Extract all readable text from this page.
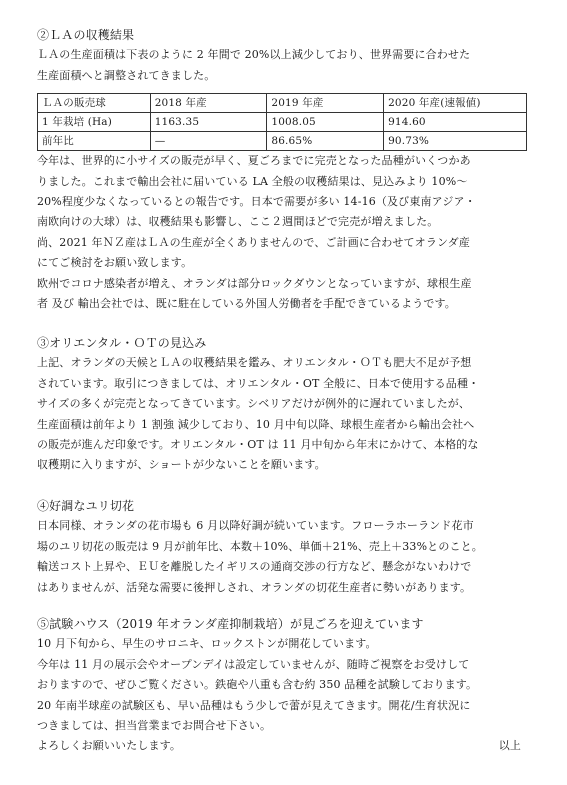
②ＬＡの収穫結果
ＬＡの生産面積は下表のように 2 年間で 20%以上減少しており、世界需要に合わせた
生産面積へと調整されてきました。
ＬＡの販売球	2018 年産	2019 年産	2020 年産(速報値)
1 年栽培 (Ha)	1163.35	1008.05	914.60
前年比	—	86.65%	90.73%
今年は、世界的に小サイズの販売が早く、夏ごろまでに完売となった品種がいくつかあ
りました。これまで輸出会社に届いている LA 全般の収穫結果は、見込みより 10%～
20%程度少なくなっているとの報告です。日本で需要が多い 14-16（及び東南アジア・
南欧向けの大球）は、収穫結果も影響し、ここ２週間ほどで完売が増えました。
尚、2021 年ＮＺ産はＬＡの生産が全くありませんので、ご計画に合わせてオランダ産
にてご検討をお願い致します。
欧州でコロナ感染者が増え、オランダは部分ロックダウンとなっていますが、球根生産
者 及び 輸出会社では、既に駐在している外国人労働者を手配できているようです。
③オリエンタル・ＯＴの見込み
上記、オランダの天候とＬＡの収穫結果を鑑み、オリエンタル・ＯＴも肥大不足が予想
されています。取引につきましては、オリエンタル・OT 全般に、日本で使用する品種・
サイズの多くが完売となってきています。シベリアだけが例外的に遅れていましたが、
生産面積は前年より 1 割強 減少しており、10 月中旬以降、球根生産者から輸出会社へ
の販売が進んだ印象です。オリエンタル・OT は 11 月中旬から年末にかけて、本格的な
収穫期に入りますが、ショートが少ないことを願います。
④好調なユリ切花
日本同様、オランダの花市場も 6 月以降好調が続いています。フローラホーランド花市
場のユリ切花の販売は 9 月が前年比、本数＋10%、単価＋21%、売上＋33%とのこと。
輸送コスト上昇や、ＥＵを離脱したイギリスの通商交渉の行方など、懸念がないわけで
はありませんが、活発な需要に後押しされ、オランダの切花生産者に勢いがあります。
⑤試験ハウス（2019 年オランダ産抑制栽培）が見ごろを迎えています
10 月下旬から、早生のサロニキ、ロックストンが開花しています。
今年は 11 月の展示会やオープンデイは設定していませんが、随時ご視察をお受けして
おりますので、ぜひご覧ください。鉄砲や八重も含む約 350 品種を試験しております。
20 年南半球産の試験区も、早い品種はもう少しで蕾が見えてきます。開花/生育状況に
つきましては、担当営業までお問合せ下さい。
よろしくお願いいたします。	以上
